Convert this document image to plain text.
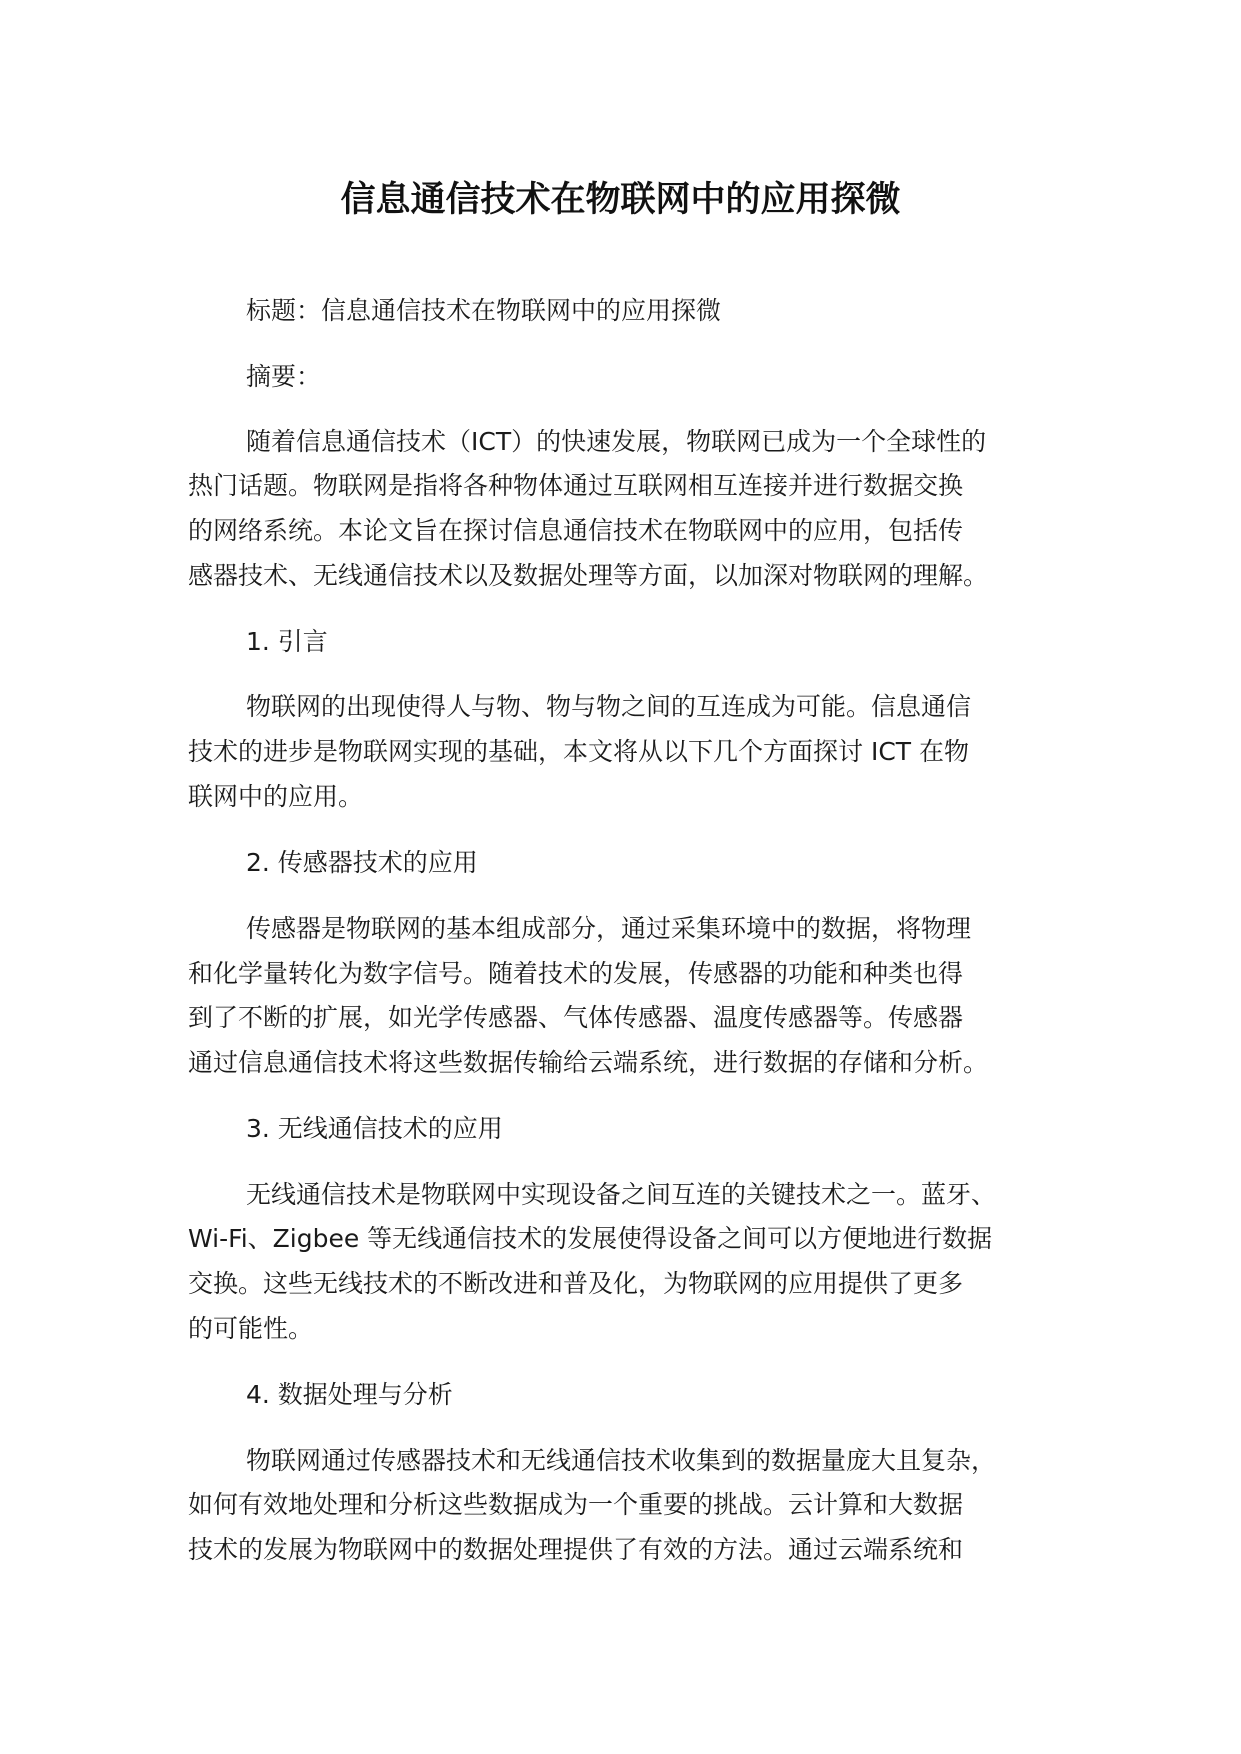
信息通信技术在物联网中的应用探微

标题：信息通信技术在物联网中的应用探微

摘要：

随着信息通信技术（ICT）的快速发展，物联网已成为一个全球性的

热门话题。物联网是指将各种物体通过互联网相互连接并进行数据交换

的网络系统。本论文旨在探讨信息通信技术在物联网中的应用，包括传

感器技术、无线通信技术以及数据处理等方面，以加深对物联网的理解。

1. 引言

物联网的出现使得人与物、物与物之间的互连成为可能。信息通信

技术的进步是物联网实现的基础，本文将从以下几个方面探讨 ICT 在物

联网中的应用。

2. 传感器技术的应用

传感器是物联网的基本组成部分，通过采集环境中的数据，将物理

和化学量转化为数字信号。随着技术的发展，传感器的功能和种类也得

到了不断的扩展，如光学传感器、气体传感器、温度传感器等。传感器

通过信息通信技术将这些数据传输给云端系统，进行数据的存储和分析。

3. 无线通信技术的应用

无线通信技术是物联网中实现设备之间互连的关键技术之一。蓝牙、

Wi-Fi、Zigbee 等无线通信技术的发展使得设备之间可以方便地进行数据

交换。这些无线技术的不断改进和普及化，为物联网的应用提供了更多

的可能性。

4. 数据处理与分析

物联网通过传感器技术和无线通信技术收集到的数据量庞大且复杂，

如何有效地处理和分析这些数据成为一个重要的挑战。云计算和大数据

技术的发展为物联网中的数据处理提供了有效的方法。通过云端系统和
